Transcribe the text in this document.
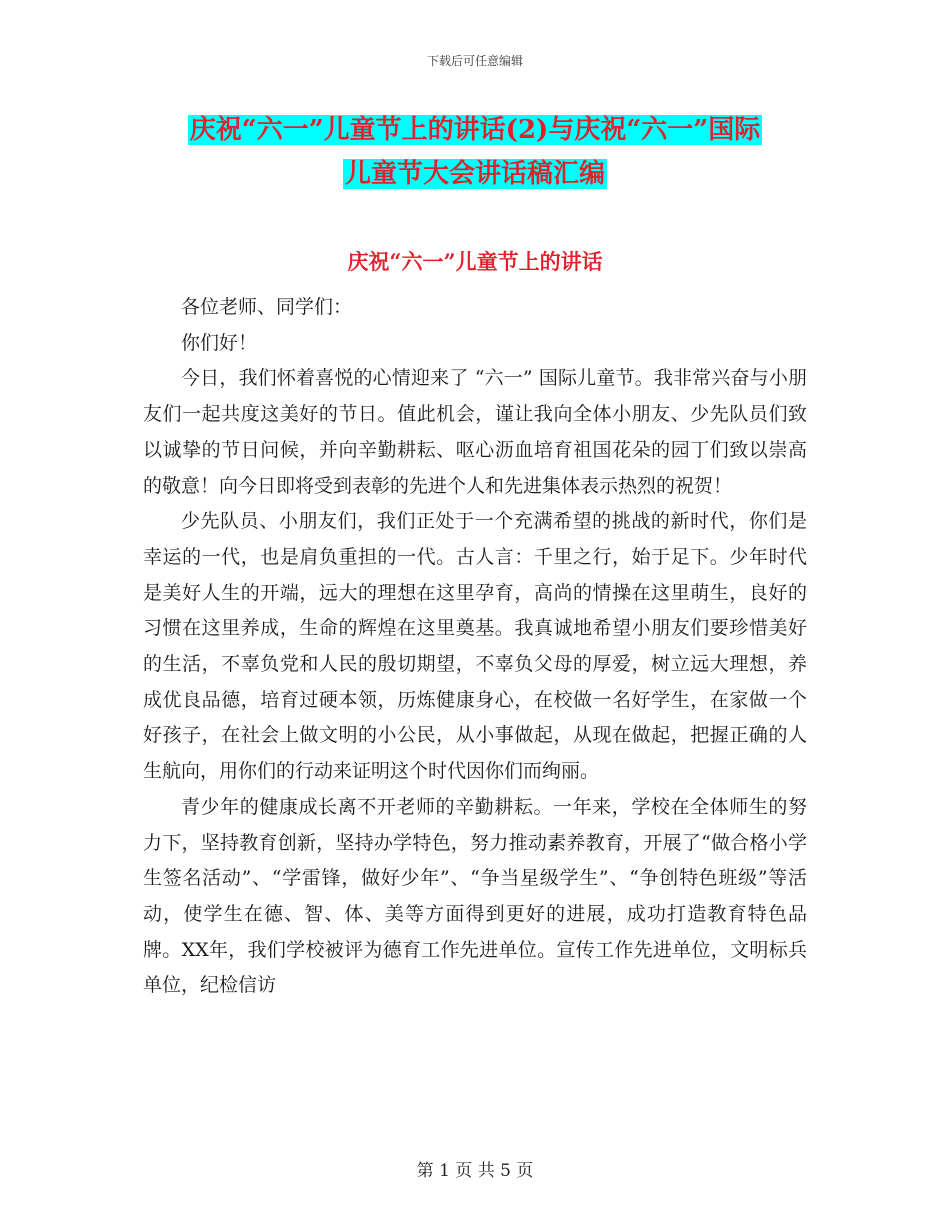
下载后可任意编辑
庆祝“六一”儿童节上的讲话(2)与庆祝“六一”国际
儿童节大会讲话稿汇编
庆祝“六一”儿童节上的讲话

各位老师、同学们：

你们好！

今日，我们怀着喜悦的心情迎来了 “六一” 国际儿童节。我非常兴奋与小朋友们一起共度这美好的节日。值此机会，谨让我向全体小朋友、少先队员们致以诚挚的节日问候，并向辛勤耕耘、呕心沥血培育祖国花朵的园丁们致以崇高的敬意！向今日即将受到表彰的先进个人和先进集体表示热烈的祝贺！

少先队员、小朋友们，我们正处于一个充满希望的挑战的新时代，你们是幸运的一代，也是肩负重担的一代。古人言：千里之行，始于足下。少年时代是美好人生的开端，远大的理想在这里孕育，高尚的情操在这里萌生，良好的习惯在这里养成，生命的辉煌在这里奠基。我真诚地希望小朋友们要珍惜美好的生活，不辜负党和人民的殷切期望，不辜负父母的厚爱，树立远大理想，养成优良品德，培育过硬本领，历炼健康身心，在校做一名好学生，在家做一个好孩子，在社会上做文明的小公民，从小事做起，从现在做起，把握正确的人生航向，用你们的行动来证明这个时代因你们而绚丽。

青少年的健康成长离不开老师的辛勤耕耘。一年来，学校在全体师生的努力下，坚持教育创新，坚持办学特色，努力推动素养教育，开展了“做合格小学生签名活动”、“学雷锋，做好少年”、“争当星级学生”、“争创特色班级”等活动，使学生在德、智、体、美等方面得到更好的进展，成功打造教育特色品牌。XX年，我们学校被评为德育工作先进单位。宣传工作先进单位，文明标兵单位，纪检信访

第 1 页 共 5 页
